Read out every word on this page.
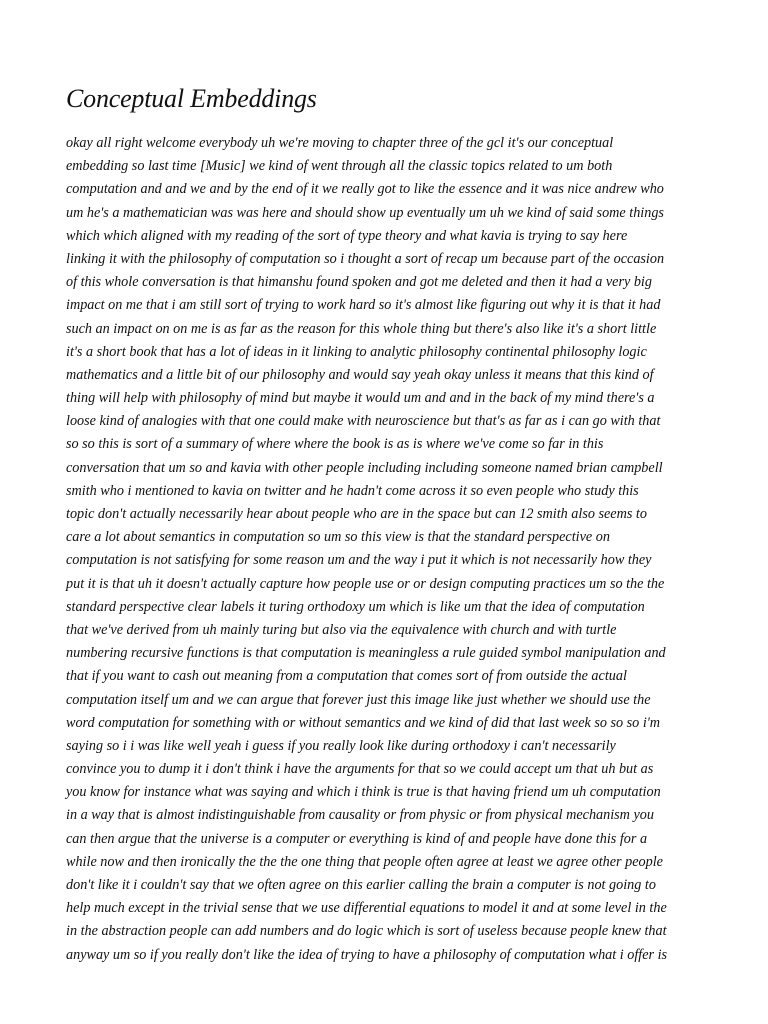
Conceptual Embeddings
okay all right welcome everybody uh we're moving to chapter three of the gcl it's our conceptual
embedding so last time [Music] we kind of went through all the classic topics related to um both
computation and and we and by the end of it we really got to like the essence and it was nice andrew who
um he's a mathematician was was here and should show up eventually um uh we kind of said some things
which which aligned with my reading of the sort of type theory and what kavia is trying to say here
linking it with the philosophy of computation so i thought a sort of recap um because part of the occasion
of this whole conversation is that himanshu found spoken and got me deleted and then it had a very big
impact on me that i am still sort of trying to work hard so it's almost like figuring out why it is that it had
such an impact on on me is as far as the reason for this whole thing but there's also like it's a short little
it's a short book that has a lot of ideas in it linking to analytic philosophy continental philosophy logic
mathematics and a little bit of our philosophy and would say yeah okay unless it means that this kind of
thing will help with philosophy of mind but maybe it would um and and in the back of my mind there's a
loose kind of analogies with that one could make with neuroscience but that's as far as i can go with that
so so this is sort of a summary of where where the book is as is where we've come so far in this
conversation that um so and kavia with other people including including someone named brian campbell
smith who i mentioned to kavia on twitter and he hadn't come across it so even people who study this
topic don't actually necessarily hear about people who are in the space but can 12 smith also seems to
care a lot about semantics in computation so um so this view is that the standard perspective on
computation is not satisfying for some reason um and the way i put it which is not necessarily how they
put it is that uh it doesn't actually capture how people use or or design computing practices um so the the
standard perspective clear labels it turing orthodoxy um which is like um that the idea of computation
that we've derived from uh mainly turing but also via the equivalence with church and with turtle
numbering recursive functions is that computation is meaningless a rule guided symbol manipulation and
that if you want to cash out meaning from a computation that comes sort of from outside the actual
computation itself um and we can argue that forever just this image like just whether we should use the
word computation for something with or without semantics and we kind of did that last week so so so i'm
saying so i i was like well yeah i guess if you really look like during orthodoxy i can't necessarily
convince you to dump it i don't think i have the arguments for that so we could accept um that uh but as
you know for instance what was saying and which i think is true is that having friend um uh computation
in a way that is almost indistinguishable from causality or from physic or from physical mechanism you
can then argue that the universe is a computer or everything is kind of and people have done this for a
while now and then ironically the the the one thing that people often agree at least we agree other people
don't like it i couldn't say that we often agree on this earlier calling the brain a computer is not going to
help much except in the trivial sense that we use differential equations to model it and at some level in the
in the abstraction people can add numbers and do logic which is sort of useless because people knew that
anyway um so if you really don't like the idea of trying to have a philosophy of computation what i offer is
